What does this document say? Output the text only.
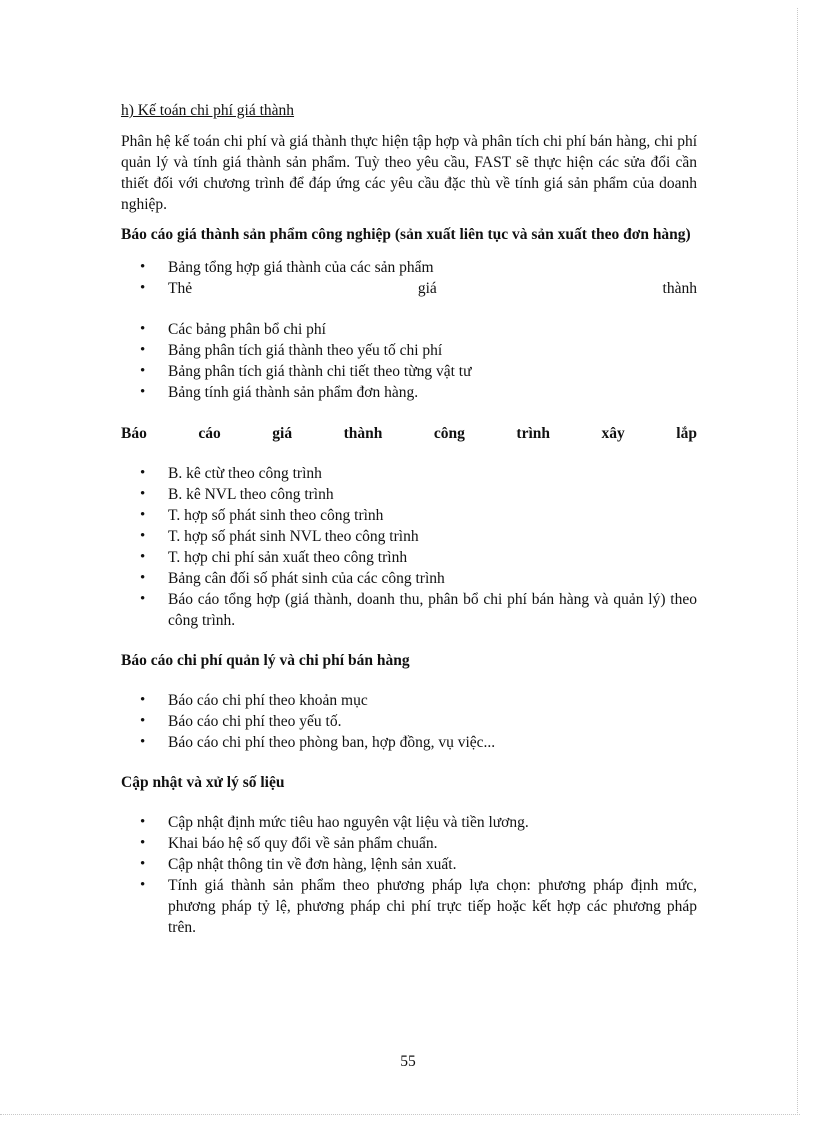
h) Kế toán chi phí giá thành

Phân hệ kế toán chi phí và giá thành thực hiện tập hợp và phân tích chi phí bán hàng, chi phí quản lý và tính giá thành sản phẩm. Tuỳ theo yêu cầu, FAST sẽ thực hiện các sửa đổi cần thiết đối với chương trình để đáp ứng các yêu cầu đặc thù về tính giá sản phẩm của doanh nghiệp.

Báo cáo giá thành sản phẩm công nghiệp (sản xuất liên tục và sản xuất theo đơn hàng)

• Bảng tổng hợp giá thành của các sản phẩm
• Thẻ	giá	thành
• Các bảng phân bổ chi phí
• Bảng phân tích giá thành theo yếu tố chi phí
• Bảng phân tích giá thành chi tiết theo từng vật tư
• Bảng tính giá thành sản phẩm đơn hàng.
Báo	cáo	giá	thành	công	trình	xây	lắp
• B. kê ctừ theo công trình
• B. kê NVL theo công trình
• T. hợp số phát sinh theo công trình
• T. hợp số phát sinh NVL theo công trình
• T. hợp chi phí sản xuất theo công trình
• Bảng cân đối số phát sinh của các công trình
• Báo cáo tổng hợp (giá thành, doanh thu, phân bổ chi phí bán hàng và quản lý) theo công trình.

Báo cáo chi phí quản lý và chi phí bán hàng

• Báo cáo chi phí theo khoản mục
• Báo cáo chi phí theo yếu tố.
• Báo cáo chi phí theo phòng ban, hợp đồng, vụ việc...

Cập nhật và xử lý số liệu

• Cập nhật định mức tiêu hao nguyên vật liệu và tiền lương.
• Khai báo hệ số quy đổi về sản phẩm chuẩn.
• Cập nhật thông tin về đơn hàng, lệnh sản xuất.
• Tính giá thành sản phẩm theo phương pháp lựa chọn: phương pháp định mức, phương pháp tỷ lệ, phương pháp chi phí trực tiếp hoặc kết hợp các phương pháp trên.
55
